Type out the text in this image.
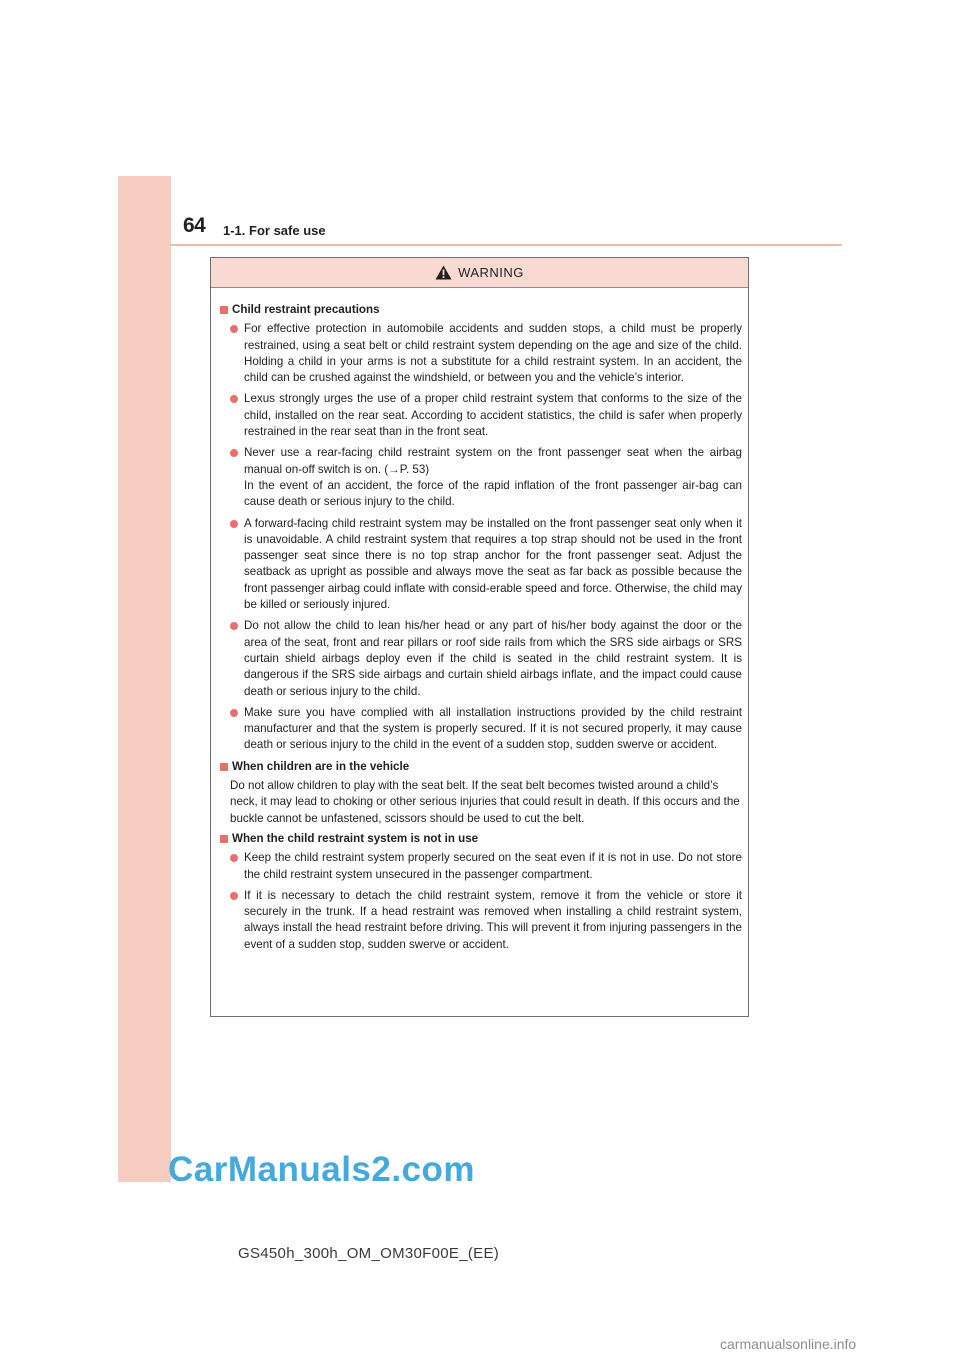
64 1-1. For safe use
WARNING
Child restraint precautions
For effective protection in automobile accidents and sudden stops, a child must be properly restrained, using a seat belt or child restraint system depending on the age and size of the child. Holding a child in your arms is not a substitute for a child restraint system. In an accident, the child can be crushed against the windshield, or between you and the vehicle’s interior.
Lexus strongly urges the use of a proper child restraint system that conforms to the size of the child, installed on the rear seat. According to accident statistics, the child is safer when properly restrained in the rear seat than in the front seat.
Never use a rear-facing child restraint system on the front passenger seat when the airbag manual on-off switch is on. (→P. 53)
In the event of an accident, the force of the rapid inflation of the front passenger air-bag can cause death or serious injury to the child.
A forward-facing child restraint system may be installed on the front passenger seat only when it is unavoidable. A child restraint system that requires a top strap should not be used in the front passenger seat since there is no top strap anchor for the front passenger seat. Adjust the seatback as upright as possible and always move the seat as far back as possible because the front passenger airbag could inflate with consid-erable speed and force. Otherwise, the child may be killed or seriously injured.
Do not allow the child to lean his/her head or any part of his/her body against the door or the area of the seat, front and rear pillars or roof side rails from which the SRS side airbags or SRS curtain shield airbags deploy even if the child is seated in the child restraint system. It is dangerous if the SRS side airbags and curtain shield airbags inflate, and the impact could cause death or serious injury to the child.
Make sure you have complied with all installation instructions provided by the child restraint manufacturer and that the system is properly secured. If it is not secured properly, it may cause death or serious injury to the child in the event of a sudden stop, sudden swerve or accident.
When children are in the vehicle
Do not allow children to play with the seat belt. If the seat belt becomes twisted around a child’s neck, it may lead to choking or other serious injuries that could result in death. If this occurs and the buckle cannot be unfastened, scissors should be used to cut the belt.
When the child restraint system is not in use
Keep the child restraint system properly secured on the seat even if it is not in use. Do not store the child restraint system unsecured in the passenger compartment.
If it is necessary to detach the child restraint system, remove it from the vehicle or store it securely in the trunk. If a head restraint was removed when installing a child restraint system, always install the head restraint before driving. This will prevent it from injuring passengers in the event of a sudden stop, sudden swerve or accident.
CarManuals2.com
GS450h_300h_OM_OM30F00E_(EE)
carmanualsonline.info
